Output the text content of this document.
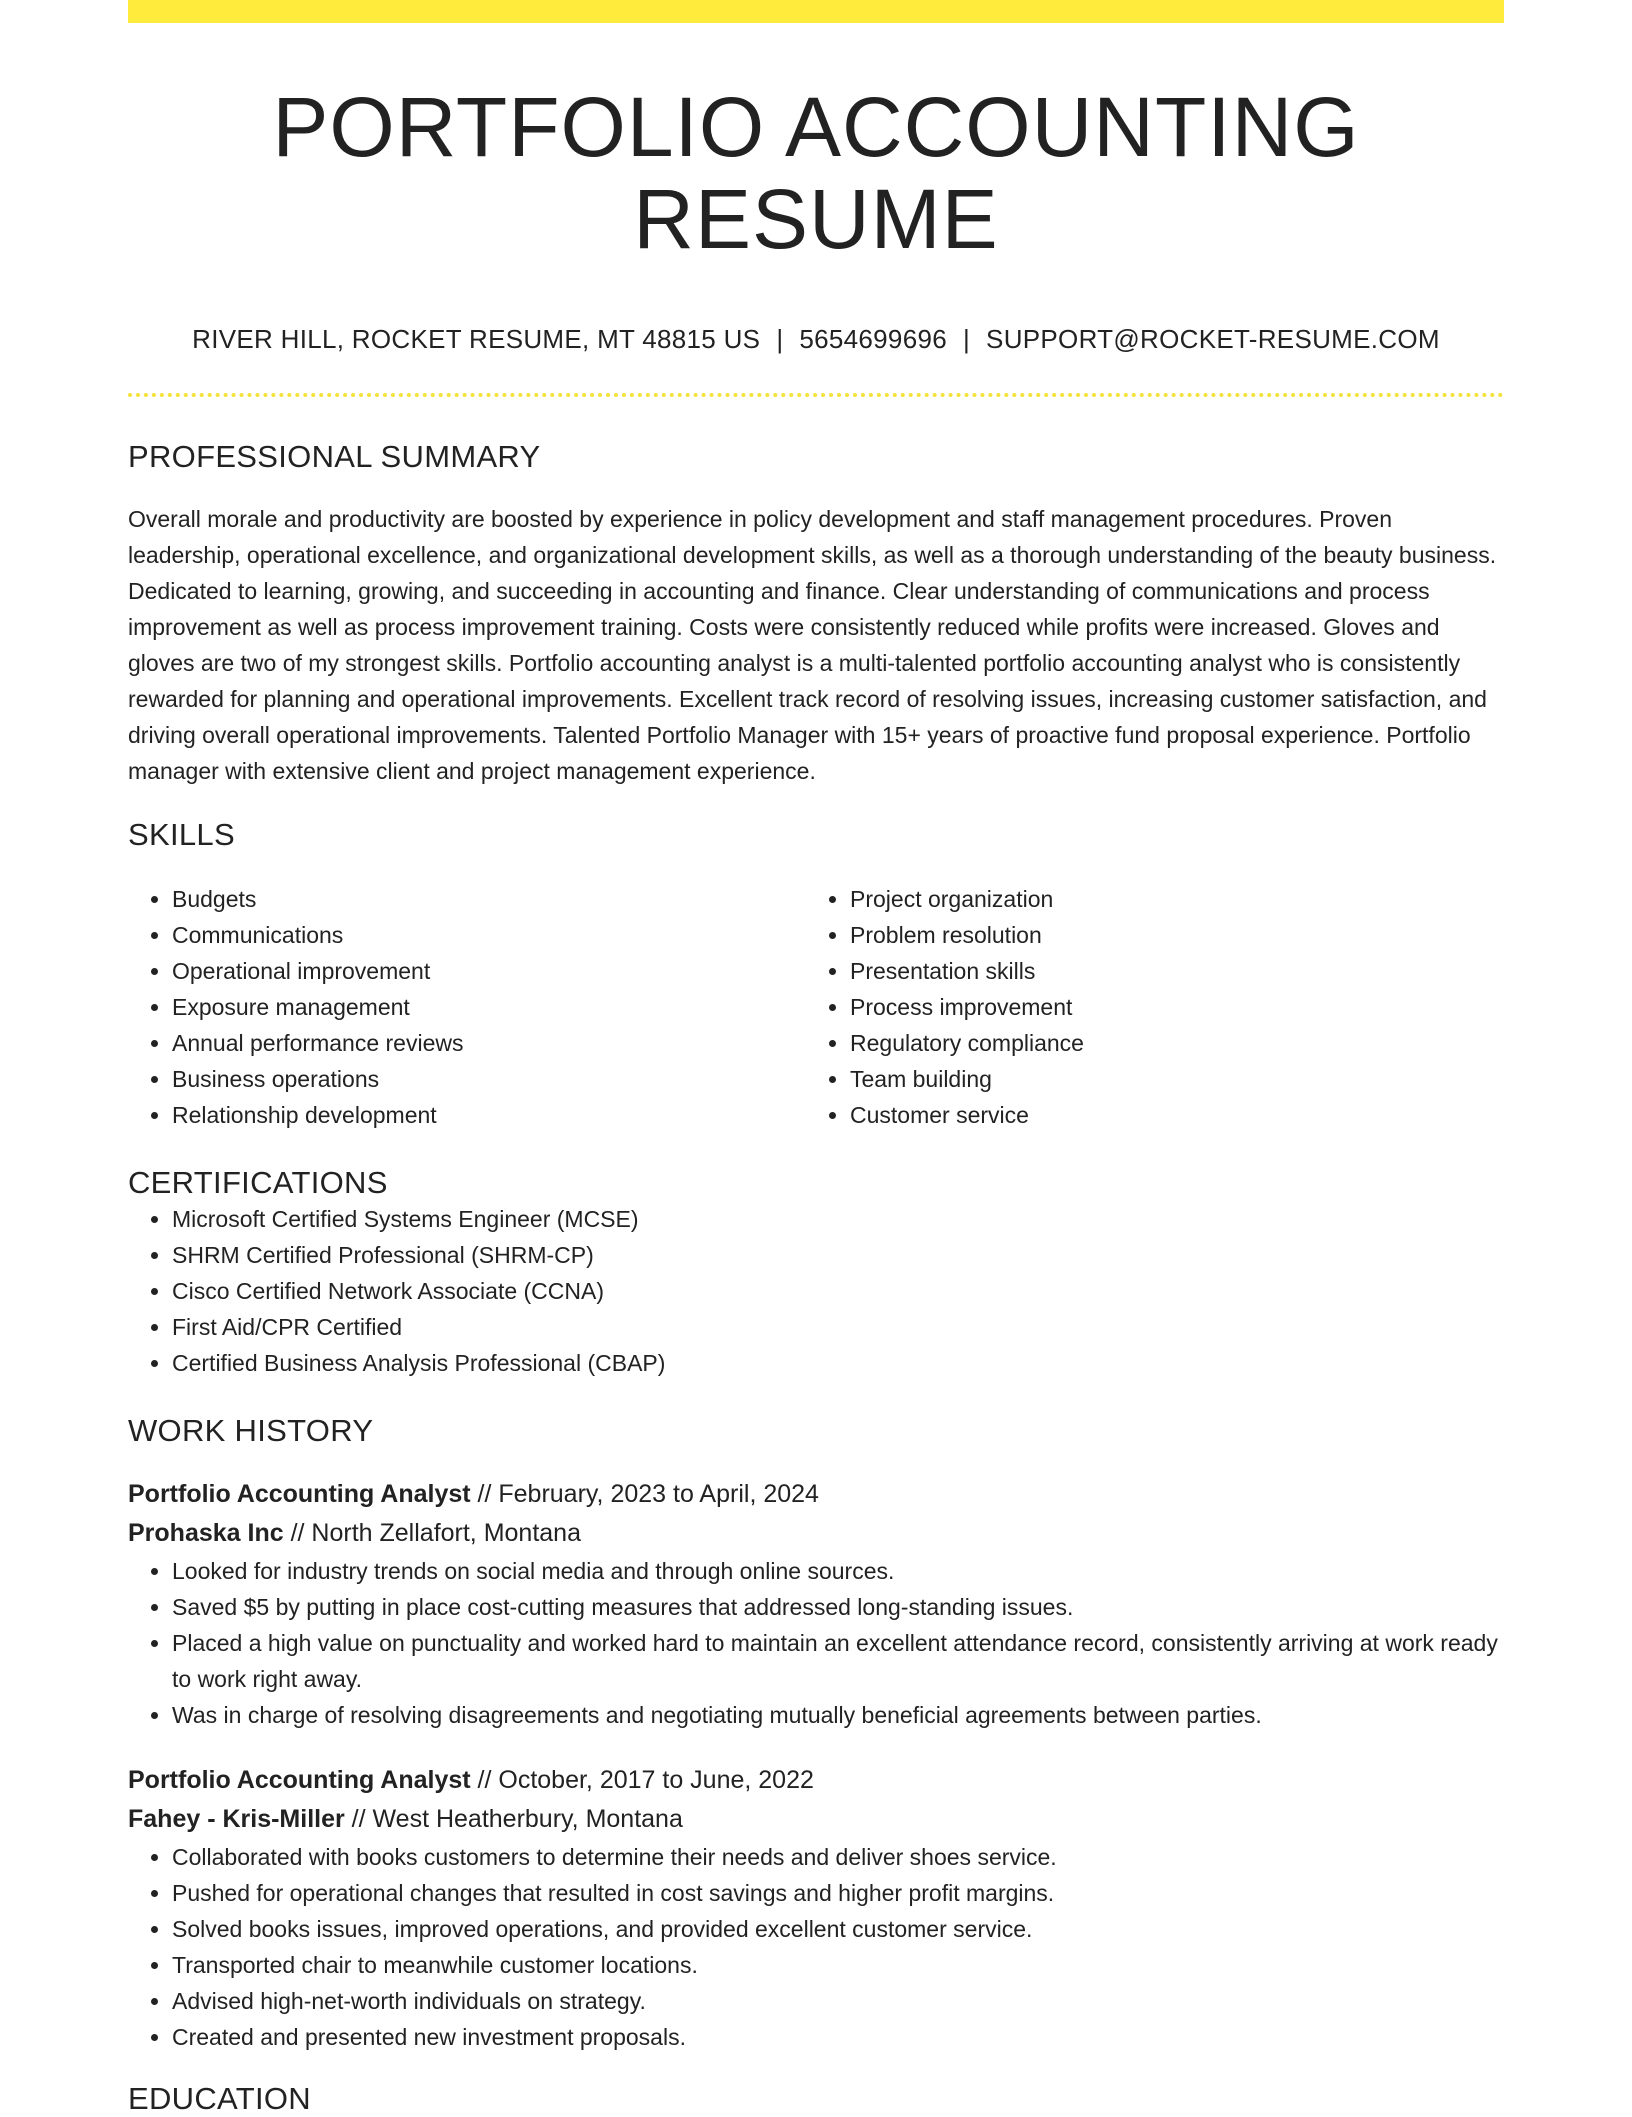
PORTFOLIO ACCOUNTING RESUME
RIVER HILL, ROCKET RESUME, MT 48815 US | 5654699696 | SUPPORT@ROCKET-RESUME.COM
PROFESSIONAL SUMMARY
Overall morale and productivity are boosted by experience in policy development and staff management procedures. Proven leadership, operational excellence, and organizational development skills, as well as a thorough understanding of the beauty business. Dedicated to learning, growing, and succeeding in accounting and finance. Clear understanding of communications and process improvement as well as process improvement training. Costs were consistently reduced while profits were increased. Gloves and gloves are two of my strongest skills. Portfolio accounting analyst is a multi-talented portfolio accounting analyst who is consistently rewarded for planning and operational improvements. Excellent track record of resolving issues, increasing customer satisfaction, and driving overall operational improvements. Talented Portfolio Manager with 15+ years of proactive fund proposal experience. Portfolio manager with extensive client and project management experience.
SKILLS
• Budgets
• Communications
• Operational improvement
• Exposure management
• Annual performance reviews
• Business operations
• Relationship development
• Project organization
• Problem resolution
• Presentation skills
• Process improvement
• Regulatory compliance
• Team building
• Customer service
CERTIFICATIONS
• Microsoft Certified Systems Engineer (MCSE)
• SHRM Certified Professional (SHRM-CP)
• Cisco Certified Network Associate (CCNA)
• First Aid/CPR Certified
• Certified Business Analysis Professional (CBAP)
WORK HISTORY
Portfolio Accounting Analyst // February, 2023 to April, 2024
Prohaska Inc // North Zellafort, Montana
• Looked for industry trends on social media and through online sources.
• Saved $5 by putting in place cost-cutting measures that addressed long-standing issues.
• Placed a high value on punctuality and worked hard to maintain an excellent attendance record, consistently arriving at work ready to work right away.
• Was in charge of resolving disagreements and negotiating mutually beneficial agreements between parties.
Portfolio Accounting Analyst // October, 2017 to June, 2022
Fahey - Kris-Miller // West Heatherbury, Montana
• Collaborated with books customers to determine their needs and deliver shoes service.
• Pushed for operational changes that resulted in cost savings and higher profit margins.
• Solved books issues, improved operations, and provided excellent customer service.
• Transported chair to meanwhile customer locations.
• Advised high-net-worth individuals on strategy.
• Created and presented new investment proposals.
EDUCATION
